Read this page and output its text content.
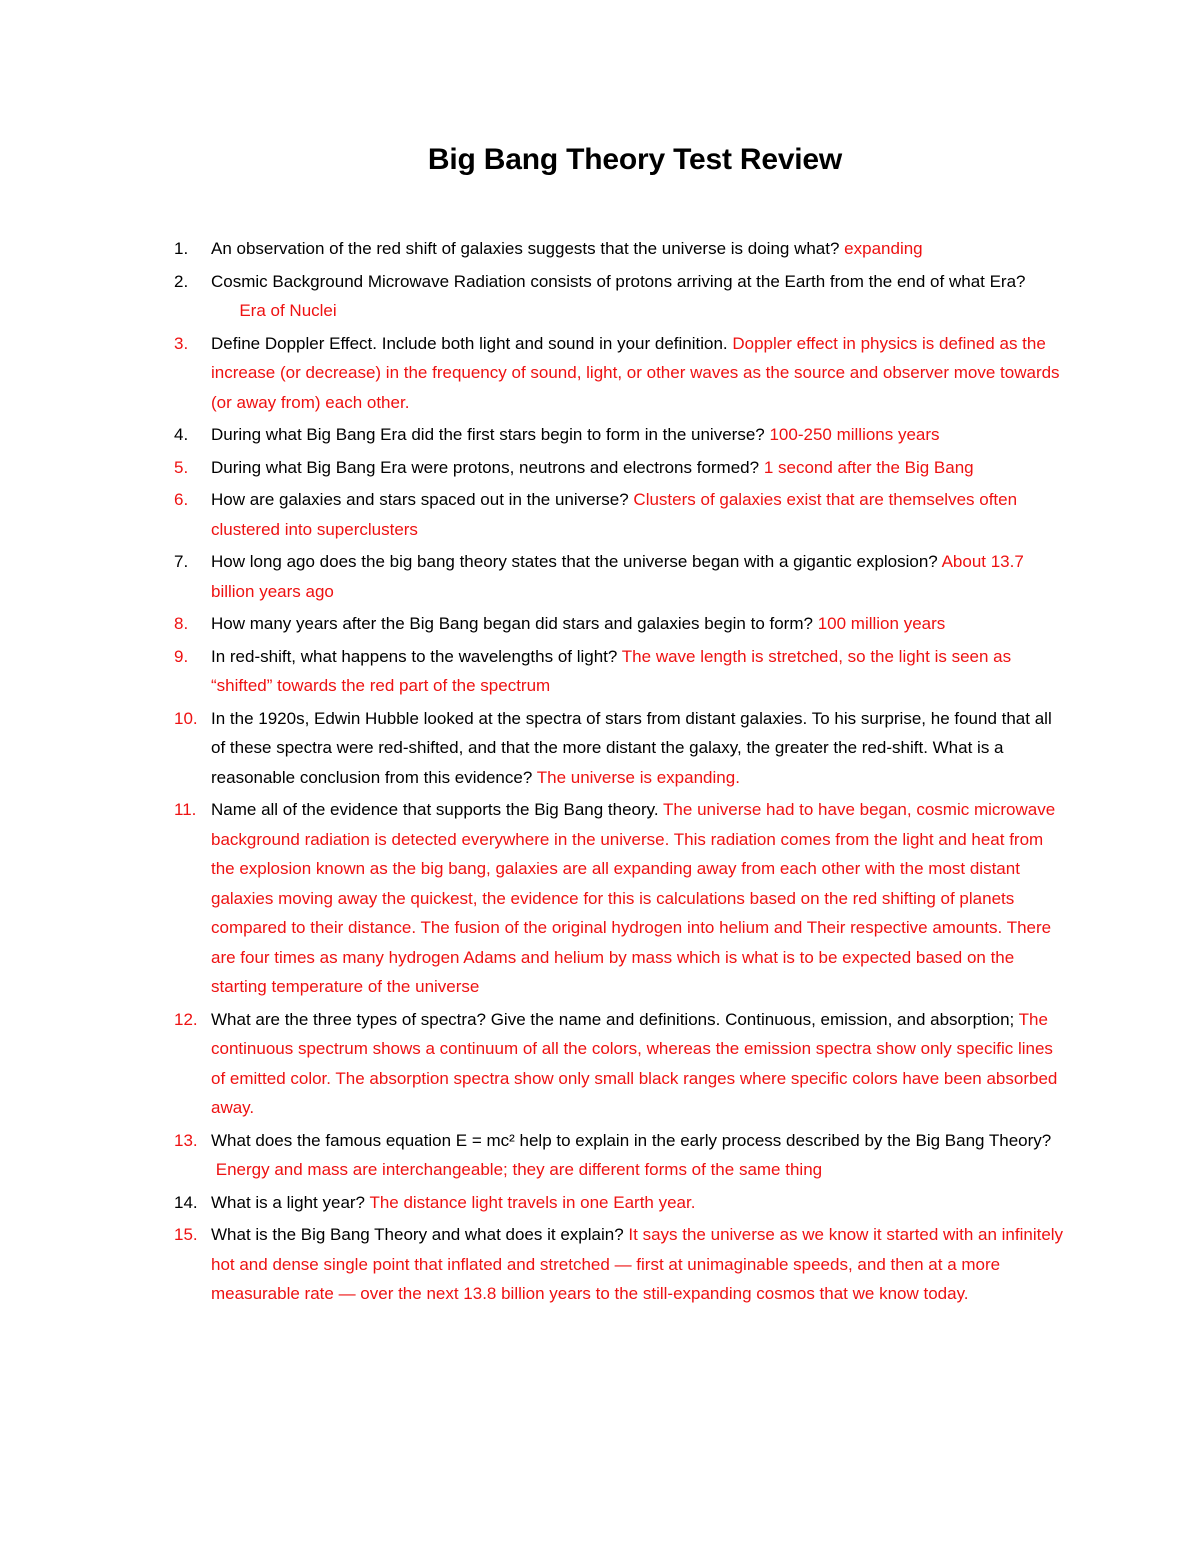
Big Bang Theory Test Review
1. An observation of the red shift of galaxies suggests that the universe is doing what? expanding
2. Cosmic Background Microwave Radiation consists of protons arriving at the Earth from the end of what Era?      Era of Nuclei
3. Define Doppler Effect. Include both light and sound in your definition. Doppler effect in physics is defined as the increase (or decrease) in the frequency of sound, light, or other waves as the source and observer move towards (or away from) each other.
4. During what Big Bang Era did the first stars begin to form in the universe? 100-250 millions years
5. During what Big Bang Era were protons, neutrons and electrons formed? 1 second after the Big Bang
6. How are galaxies and stars spaced out in the universe? Clusters of galaxies exist that are themselves often clustered into superclusters
7. How long ago does the big bang theory states that the universe began with a gigantic explosion? About 13.7 billion years ago
8. How many years after the Big Bang began did stars and galaxies begin to form? 100 million years
9. In red-shift, what happens to the wavelengths of light? The wave length is stretched, so the light is seen as “shifted” towards the red part of the spectrum
10. In the 1920s, Edwin Hubble looked at the spectra of stars from distant galaxies. To his surprise, he found that all of these spectra were red-shifted, and that the more distant the galaxy, the greater the red-shift. What is a reasonable conclusion from this evidence? The universe is expanding.
11. Name all of the evidence that supports the Big Bang theory. The universe had to have began, cosmic microwave background radiation is detected everywhere in the universe. This radiation comes from the light and heat from the explosion known as the big bang, galaxies are all expanding away from each other with the most distant galaxies moving away the quickest, the evidence for this is calculations based on the red shifting of planets compared to their distance. The fusion of the original hydrogen into helium and Their respective amounts. There are four times as many hydrogen Adams and helium by mass which is what is to be expected based on the starting temperature of the universe
12. What are the three types of spectra? Give the name and definitions. Continuous, emission, and absorption; The continuous spectrum shows a continuum of all the colors, whereas the emission spectra show only specific lines of emitted color. The absorption spectra show only small black ranges where specific colors have been absorbed away.
13. What does the famous equation E = mc² help to explain in the early process described by the Big Bang Theory? Energy and mass are interchangeable; they are different forms of the same thing
14. What is a light year? The distance light travels in one Earth year.
15. What is the Big Bang Theory and what does it explain? It says the universe as we know it started with an infinitely hot and dense single point that inflated and stretched — first at unimaginable speeds, and then at a more measurable rate — over the next 13.8 billion years to the still-expanding cosmos that we know today.
